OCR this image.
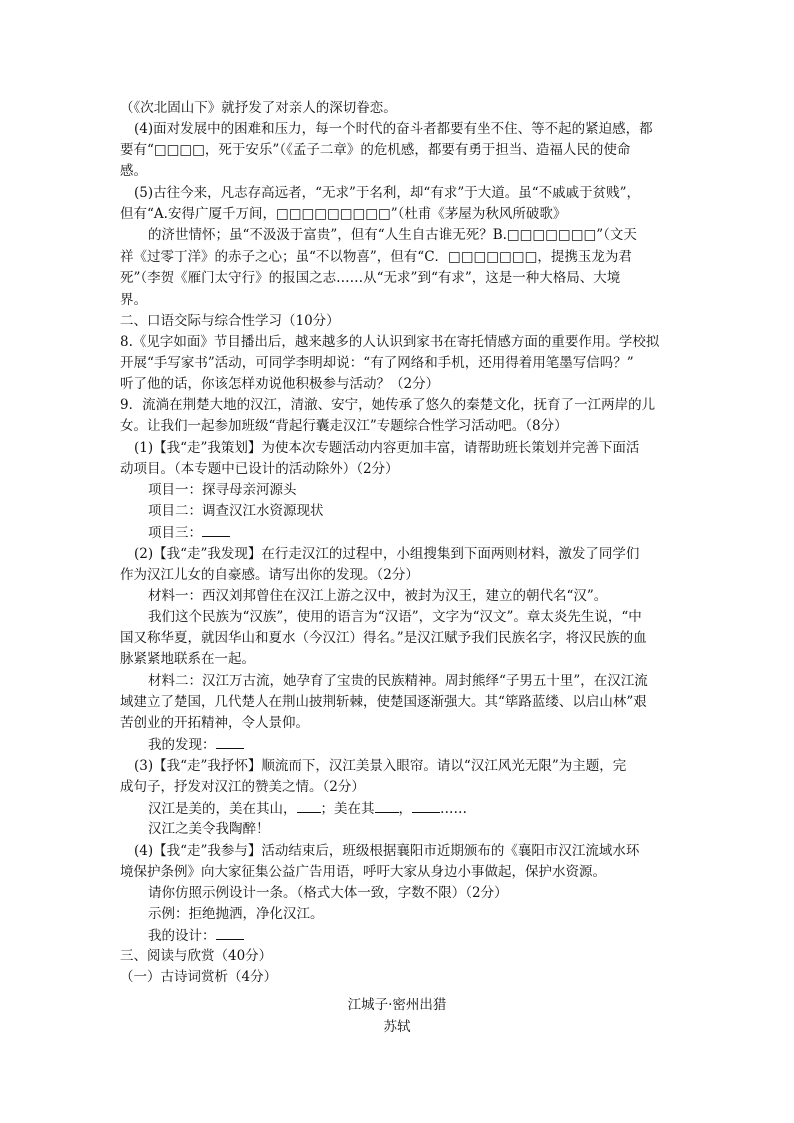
（《次北固山下》就抒发了对亲人的深切眷恋。
(4)面对发展中的困难和压力，每一个时代的奋斗者都要有坐不住、等不起的紧迫感，都
要有“□□□□，死于安乐”（《孟子二章》的危机感，都要有勇于担当、造福人民的使命
感。
(5)古往今来，凡志存高远者，“无求”于名利，却“有求”于大道。虽“不戚戚于贫贱”，
但有“A.安得广厦千万间，□□□□□□□□□”（杜甫《茅屋为秋风所破歌》
的济世情怀；虽“不汲汲于富贵”，但有“人生自古谁无死？B.□□□□□□□”（文天
祥《过零丁洋》的赤子之心；虽“不以物喜”，但有“C．□□□□□□□，提携玉龙为君
死”（李贺《雁门太守行》的报国之志……从“无求”到“有求”，这是一种大格局、大境
界。
二、口语交际与综合性学习（10分）
8.《见字如面》节目播出后，越来越多的人认识到家书在寄托情感方面的重要作用。学校拟
开展“手写家书”活动，可同学李明却说：“有了网络和手机，还用得着用笔墨写信吗？”
听了他的话，你该怎样劝说他积极参与活动？（2分）
9．流淌在荆楚大地的汉江，清澈、安宁，她传承了悠久的秦楚文化，抚育了一江两岸的儿
女。让我们一起参加班级“背起行囊走汉江”专题综合性学习活动吧。（8分）
(1)【我“走”我策划】为使本次专题活动内容更加丰富，请帮助班长策划并完善下面活
动项目。（本专题中已设计的活动除外）（2分）
项目一：探寻母亲河源头
项目二：调查汉江水资源现状
项目三：
(2)【我“走”我发现】在行走汉江的过程中，小组搜集到下面两则材料，激发了同学们
作为汉江儿女的自豪感。请写出你的发现。（2分）
材料一：西汉刘邦曾住在汉江上游之汉中，被封为汉王，建立的朝代名“汉”。
我们这个民族为“汉族”，使用的语言为“汉语”，文字为“汉文”。章太炎先生说，“中
国又称华夏，就因华山和夏水（今汉江）得名。”是汉江赋予我们民族名字，将汉民族的血
脉紧紧地联系在一起。
材料二：汉江万古流，她孕育了宝贵的民族精神。周封熊绎“子男五十里”，在汉江流
域建立了楚国，几代楚人在荆山披荆斩棘，使楚国逐渐强大。其“筚路蓝缕、以启山林”艰
苦创业的开拓精神，令人景仰。
我的发现：
(3)【我“走”我抒怀】顺流而下，汉江美景入眼帘。请以“汉江风光无限”为主题，完
成句子，抒发对汉江的赞美之情。（2分）
汉江是美的，美在其山， ；美在其 ， ……
汉江之美令我陶醉！
(4)【我“走”我参与】活动结束后，班级根据襄阳市近期颁布的《襄阳市汉江流域水环
境保护条例》向大家征集公益广告用语，呼吁大家从身边小事做起，保护水资源。
请你仿照示例设计一条。（格式大体一致，字数不限）（2分）
示例：拒绝抛洒，净化汉江。
我的设计：
三、阅读与欣赏（40分）
（一）古诗词赏析（4分）
江城子·密州出猎
苏轼
